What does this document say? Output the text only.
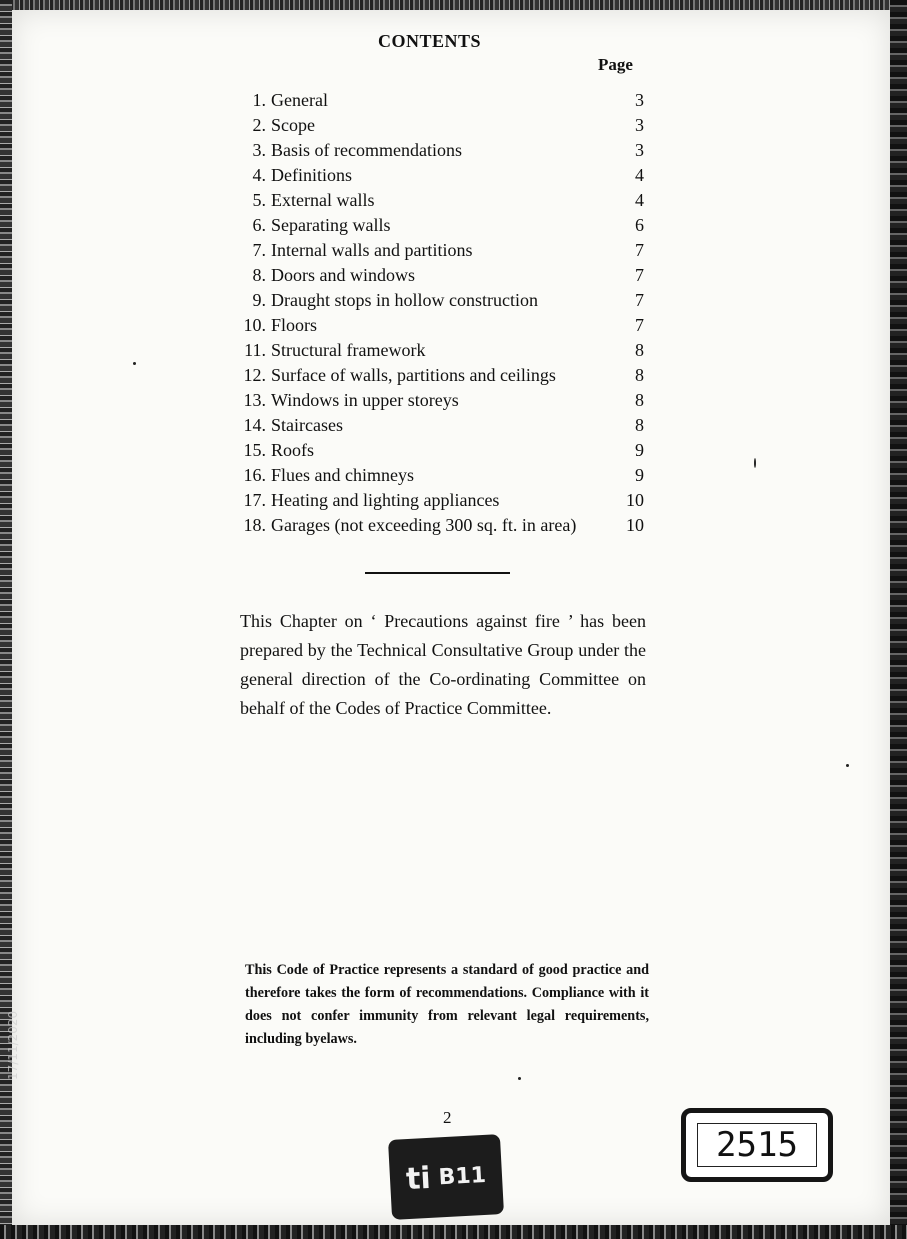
17/11/2020
CONTENTS
Page
1. General	3
2. Scope	3
3. Basis of recommendations	3
4. Definitions	4
5. External walls	4
6. Separating walls	6
7. Internal walls and partitions	7
8. Doors and windows	7
9. Draught stops in hollow construction	7
10. Floors	7
11. Structural framework	8
12. Surface of walls, partitions and ceilings	8
13. Windows in upper storeys	8
14. Staircases	8
15. Roofs	9
16. Flues and chimneys	9
17. Heating and lighting appliances	10
18. Garages (not exceeding 300 sq. ft. in area)	10

This Chapter on ‘ Precautions against fire ’ has been prepared by the Technical Consultative Group under the general direction of the Co-ordinating Committee on behalf of the Codes of Practice Committee.

This Code of Practice represents a standard of good practice and therefore takes the form of recommendations. Compliance with it does not confer immunity from relevant legal requirements, including byelaws.

2
ti B11
2515
